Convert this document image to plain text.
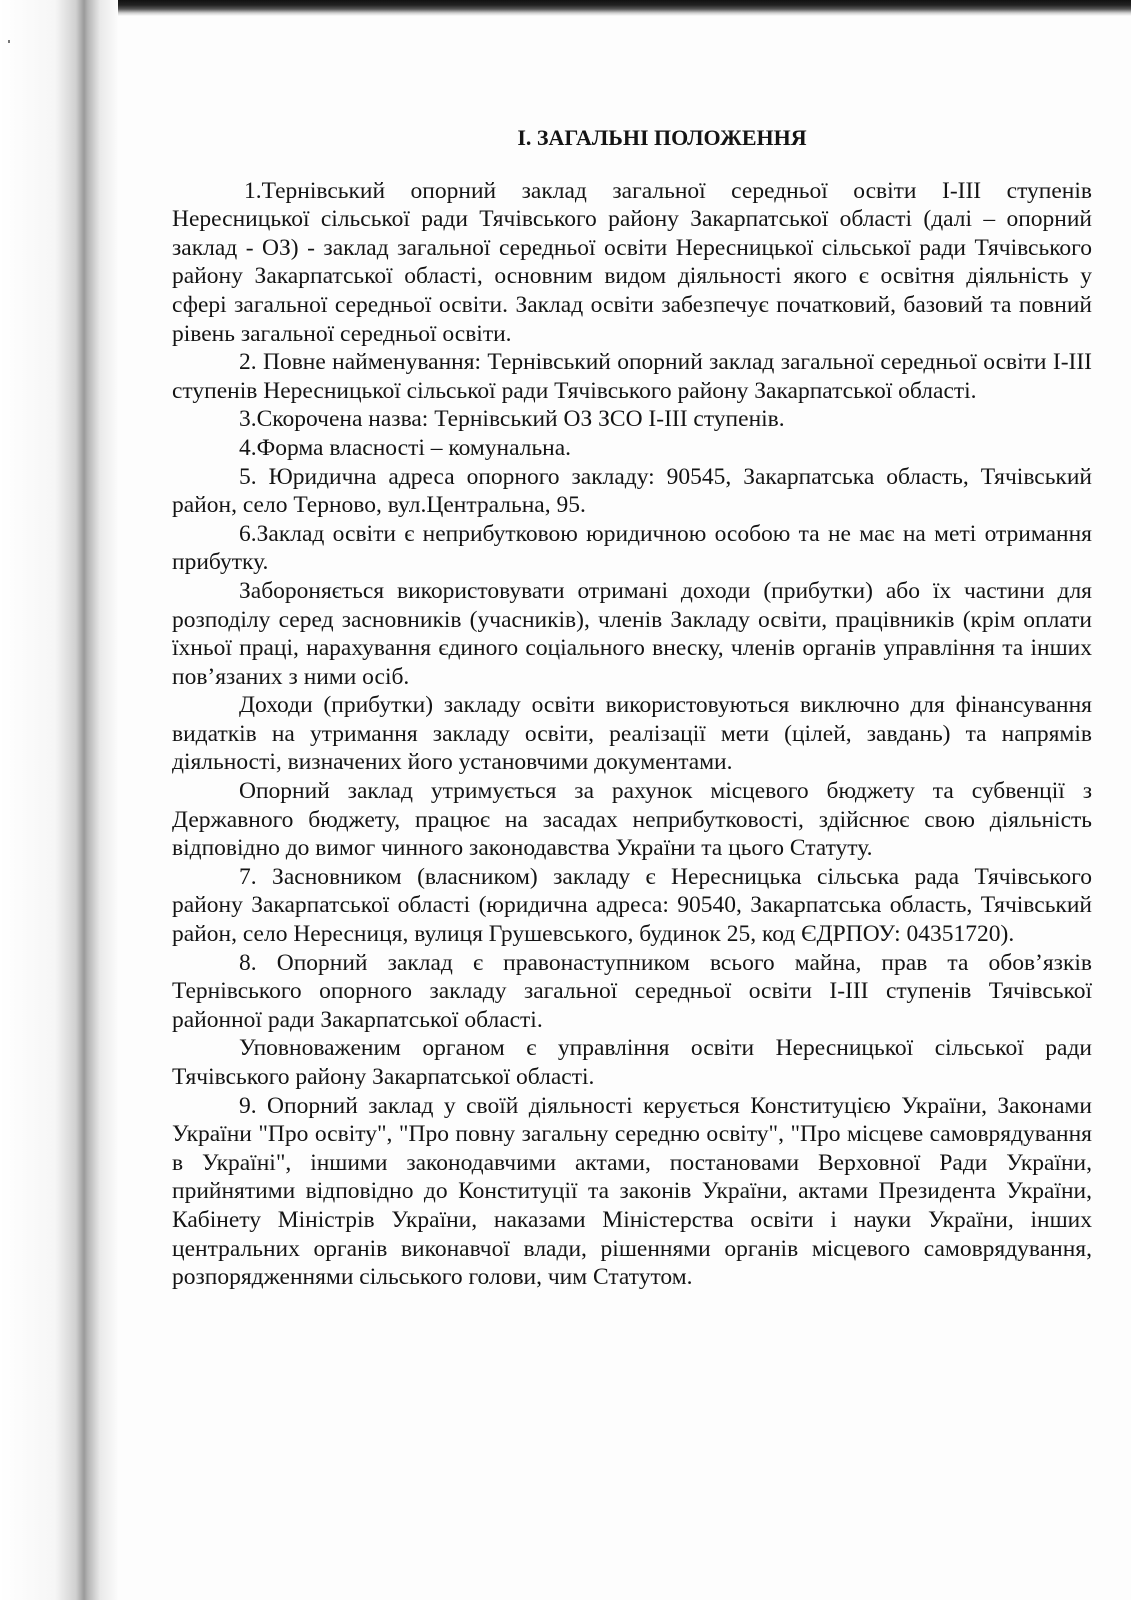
І. ЗАГАЛЬНІ ПОЛОЖЕННЯ

1.Тернівський опорний заклад загальної середньої освіти І-ІІІ ступенів Нересницької сільської ради Тячівського району Закарпатської області (далі – опорний заклад - ОЗ) - заклад загальної середньої освіти Нересницької сільської ради Тячівського району Закарпатської області, основним видом діяльності якого є освітня діяльність у сфері загальної середньої освіти. Заклад освіти забезпечує початковий, базовий та повний рівень загальної середньої освіти.

2. Повне найменування: Тернівський опорний заклад загальної середньої освіти І-ІІІ ступенів Нересницької сільської ради Тячівського району Закарпатської області.

3.Скорочена назва: Тернівський ОЗ ЗСО І-ІІІ ступенів.

4.Форма власності – комунальна.

5. Юридична адреса опорного закладу: 90545, Закарпатська область, Тячівський район, село Терново, вул.Центральна, 95.

6.Заклад освіти є неприбутковою юридичною особою та не має на меті отримання прибутку.

Забороняється використовувати отримані доходи (прибутки) або їх частини для розподілу серед засновників (учасників), членів Закладу освіти, працівників (крім оплати їхньої праці, нарахування єдиного соціального внеску, членів органів управління та інших пов’язаних з ними осіб.

Доходи (прибутки) закладу освіти використовуються виключно для фінансування видатків на утримання закладу освіти, реалізації мети (цілей, завдань) та напрямів діяльності, визначених його установчими документами.

Опорний заклад утримується за рахунок місцевого бюджету та субвенції з Державного бюджету, працює на засадах неприбутковості, здійснює свою діяльність відповідно до вимог чинного законодавства України та цього Статуту.

7. Засновником (власником) закладу є Нересницька сільська рада Тячівського району Закарпатської області (юридична адреса: 90540, Закарпатська область, Тячівський район, село Нересниця, вулиця Грушевського, будинок 25, код ЄДРПОУ: 04351720).

8. Опорний заклад є правонаступником всього майна, прав та обов’язків Тернівського опорного закладу загальної середньої освіти І-ІІІ ступенів Тячівської районної ради Закарпатської області.

Уповноваженим органом є управління освіти Нересницької сільської ради Тячівського району Закарпатської області.

9. Опорний заклад у своїй діяльності керується Конституцією України, Законами України "Про освіту", "Про повну загальну середню освіту", "Про місцеве самоврядування в Україні", іншими законодавчими актами, постановами Верховної Ради України, прийнятими відповідно до Конституції та законів України, актами Президента України, Кабінету Міністрів України, наказами Міністерства освіти і науки України, інших центральних органів виконавчої влади, рішеннями органів місцевого самоврядування, розпорядженнями сільського голови, чим Статутом.
